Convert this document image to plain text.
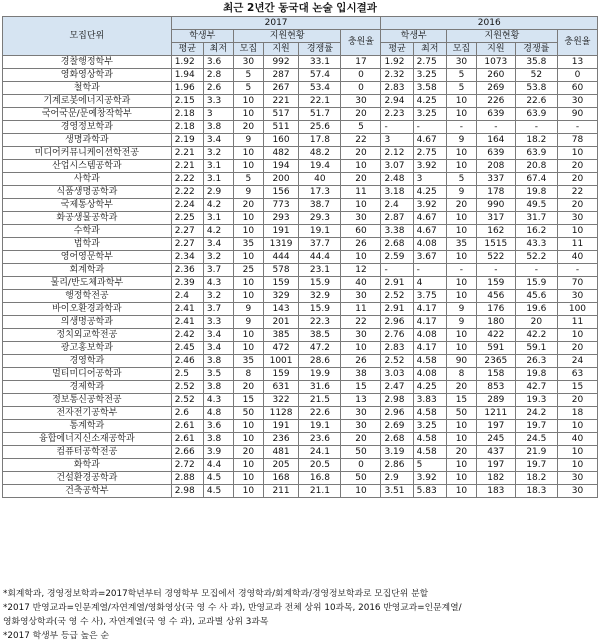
최근 2년간 동국대 논술 입시결과
모집단위	2017						2016					
	학생부		지원현황			충원율	학생부		지원현황			충원율
	평균	최저	모집	지원	경쟁률		평균	최저	모집	지원	경쟁률	
경찰행정학부	1.92	3.6	30	992	33.1	17	1.92	2.75	30	1073	35.8	13
영화영상학과	1.94	2.8	5	287	57.4	0	2.32	3.25	5	260	52	0
철학과	1.96	2.6	5	267	53.4	0	2.83	3.58	5	269	53.8	60
기계로봇에너지공학과	2.15	3.3	10	221	22.1	30	2.94	4.25	10	226	22.6	30
국어국문/문예창작학부	2.18	3	10	517	51.7	20	2.23	3.25	10	639	63.9	90
경영정보학과	2.18	3.8	20	511	25.6	5	-	-	-	-	-	-
생명과학과	2.19	3.4	9	160	17.8	22	3	4.67	9	164	18.2	78
미디어커뮤니케이션학전공	2.21	3.2	10	482	48.2	20	2.12	2.75	10	639	63.9	10
산업시스템공학과	2.21	3.1	10	194	19.4	10	3.07	3.92	10	208	20.8	20
사학과	2.22	3.1	5	200	40	20	2.48	3	5	337	67.4	20
식품생명공학과	2.22	2.9	9	156	17.3	11	3.18	4.25	9	178	19.8	22
국제통상학부	2.24	4.2	20	773	38.7	10	2.4	3.92	20	990	49.5	20
화공생물공학과	2.25	3.1	10	293	29.3	30	2.87	4.67	10	317	31.7	30
수학과	2.27	4.2	10	191	19.1	60	3.38	4.67	10	162	16.2	10
법학과	2.27	3.4	35	1319	37.7	26	2.68	4.08	35	1515	43.3	11
영어영문학부	2.34	3.2	10	444	44.4	10	2.59	3.67	10	522	52.2	40
회계학과	2.36	3.7	25	578	23.1	12	-	-	-	-	-	-
물리/반도체과학부	2.39	4.3	10	159	15.9	40	2.91	4	10	159	15.9	70
행정학전공	2.4	3.2	10	329	32.9	30	2.52	3.75	10	456	45.6	30
바이오환경과학과	2.41	3.7	9	143	15.9	11	2.91	4.17	9	176	19.6	100
의생명공학과	2.41	3.3	9	201	22.3	22	2.96	4.17	9	180	20	11
정치외교학전공	2.42	3.4	10	385	38.5	30	2.76	4.08	10	422	42.2	10
광고홍보학과	2.45	3.4	10	472	47.2	10	2.83	4.17	10	591	59.1	20
경영학과	2.46	3.8	35	1001	28.6	26	2.52	4.58	90	2365	26.3	24
멀티미디어공학과	2.5	3.5	8	159	19.9	38	3.03	4.08	8	158	19.8	63
경제학과	2.52	3.8	20	631	31.6	15	2.47	4.25	20	853	42.7	15
정보통신공학전공	2.52	4.3	15	322	21.5	13	2.98	3.83	15	289	19.3	20
전자전기공학부	2.6	4.8	50	1128	22.6	30	2.96	4.58	50	1211	24.2	18
통계학과	2.61	3.6	10	191	19.1	30	2.69	3.25	10	197	19.7	10
융합에너지신소재공학과	2.61	3.8	10	236	23.6	20	2.68	4.58	10	245	24.5	40
컴퓨터공학전공	2.66	3.9	20	481	24.1	50	3.19	4.58	20	437	21.9	10
화학과	2.72	4.4	10	205	20.5	0	2.86	5	10	197	19.7	10
건설환경공학과	2.88	4.5	10	168	16.8	50	2.9	3.92	10	182	18.2	30
건축공학부	2.98	4.5	10	211	21.1	10	3.51	5.83	10	183	18.3	30
*회계학과, 경영정보학과=2017학년부터 경영학부 모집에서 경영학과/회계학과/경영정보학과로 모집단위 분할
*2017 반영교과=인문계열/자연계열/영화영상(국 영 수 사 과), 반영교과 전체 상위 10과목, 2016 반영교과=인문계열/
영화영상학과(국 영 수 사), 자연계열(국 영 수 과), 교과별 상위 3과목
*2017 학생부 등급 높은 순
